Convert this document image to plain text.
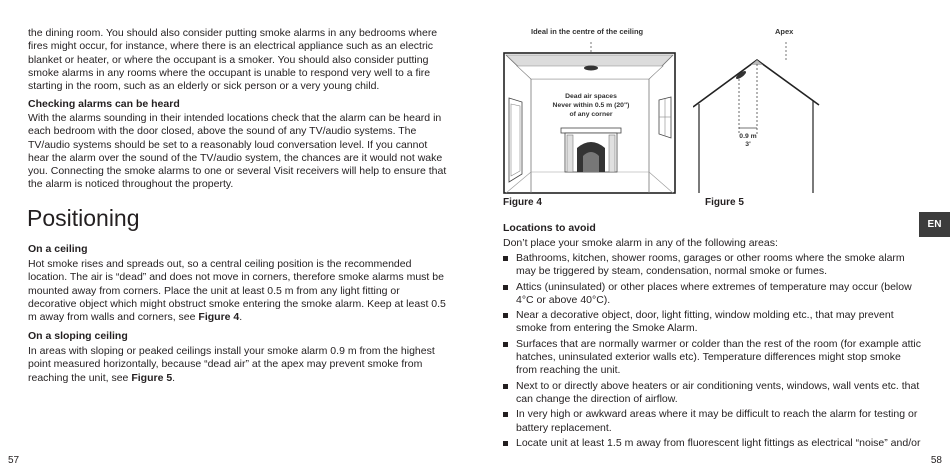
the dining room. You should also consider putting smoke alarms in any bedrooms where fires might occur, for instance, where there is an electrical appliance such as an electric blanket or heater, or where the occupant is a smoker. You should also consider putting smoke alarms in any rooms where the occupant is unable to respond very well to a fire starting in the room, such as an elderly or sick person or a very young child.

Checking alarms can be heard

With the alarms sounding in their intended locations check that the alarm can be heard in each bedroom with the door closed, above the sound of any TV/audio systems. The TV/audio systems should be set to a reasonably loud conversation level. If you cannot hear the alarm over the sound of the TV/audio system, the chances are it would not wake you. Connecting the smoke alarms to one or several Visit receivers will help to ensure that the alarm is noticed throughout the property.

Positioning

On a ceiling

Hot smoke rises and spreads out, so a central ceiling position is the recommended location. The air is “dead” and does not move in corners, therefore smoke alarms must be mounted away from corners. Place the unit at least 0.5 m from any light fitting or decorative object which might obstruct smoke entering the smoke alarm. Keep at least 0.5 m away from walls and corners, see Figure 4.

On a sloping ceiling

In areas with sloping or peaked ceilings install your smoke alarm 0.9 m from the highest point measured horizontally, because “dead air” at the apex may prevent smoke from reaching the unit, see Figure 5.

57
Ideal in the centre of the ceiling	Apex
Dead air spaces
Never within 0.5 m (20")
of any corner
0.9 m
3'
Figure 4	Figure 5

Locations to avoid

Don’t place your smoke alarm in any of the following areas:

Bathrooms, kitchen, shower rooms, garages or other rooms where the smoke alarm may be triggered by steam, condensation, normal smoke or fumes.
Attics (uninsulated) or other places where extremes of temperature may occur (below 4°C or above 40°C).
Near a decorative object, door, light fitting, window molding etc., that may prevent smoke from entering the Smoke Alarm.
Surfaces that are normally warmer or colder than the rest of the room (for example attic hatches, uninsulated exterior walls etc). Temperature differences might stop smoke from reaching the unit.
Next to or directly above heaters or air conditioning vents, windows, wall vents etc. that can change the direction of airflow.
In very high or awkward areas where it may be difficult to reach the alarm for testing or battery replacement.
Locate unit at least 1.5 m away from fluorescent light fittings as electrical “noise” and/or
EN
58
